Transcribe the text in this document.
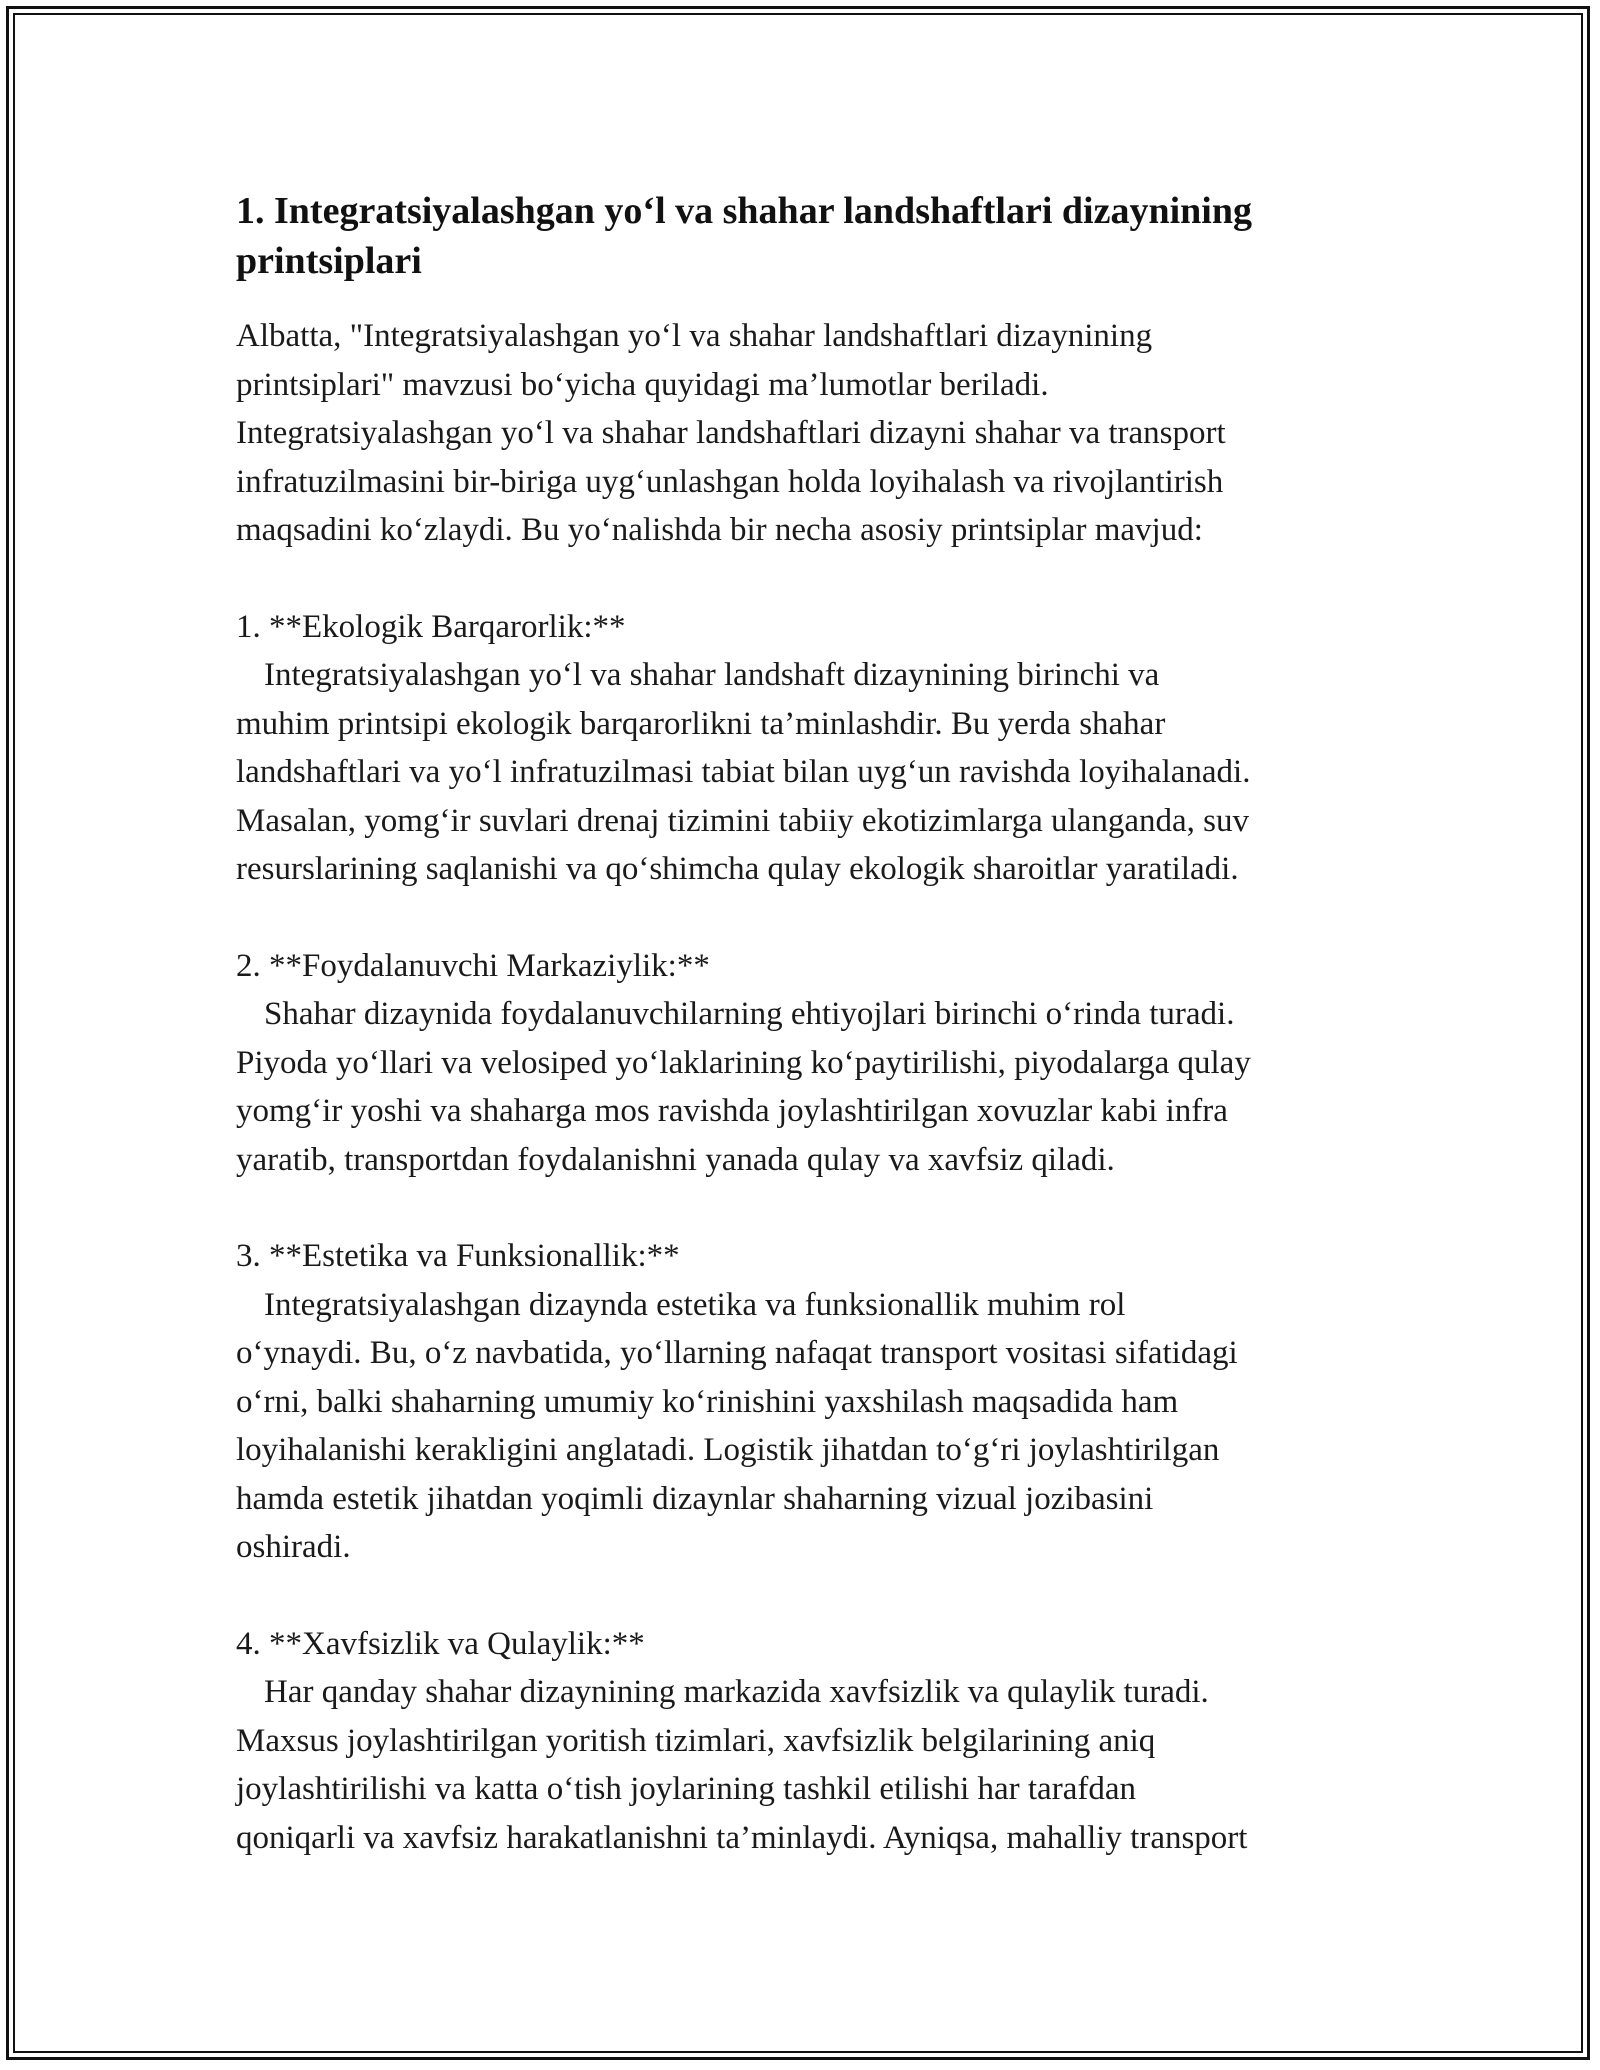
1. Integratsiyalashgan yo‘l va shahar landshaftlari dizaynining
printsiplari

Albatta, "Integratsiyalashgan yo‘l va shahar landshaftlari dizaynining
printsiplari" mavzusi bo‘yicha quyidagi ma’lumotlar beriladi.
Integratsiyalashgan yo‘l va shahar landshaftlari dizayni shahar va transport
infratuzilmasini bir-biriga uyg‘unlashgan holda loyihalash va rivojlantirish
maqsadini ko‘zlaydi. Bu yo‘nalishda bir necha asosiy printsiplar mavjud:

1. **Ekologik Barqarorlik:**

Integratsiyalashgan yo‘l va shahar landshaft dizaynining birinchi va
muhim printsipi ekologik barqarorlikni ta’minlashdir. Bu yerda shahar
landshaftlari va yo‘l infratuzilmasi tabiat bilan uyg‘un ravishda loyihalanadi.
Masalan, yomg‘ir suvlari drenaj tizimini tabiiy ekotizimlarga ulanganda, suv
resurslarining saqlanishi va qo‘shimcha qulay ekologik sharoitlar yaratiladi.

2. **Foydalanuvchi Markaziylik:**

Shahar dizaynida foydalanuvchilarning ehtiyojlari birinchi o‘rinda turadi.
Piyoda yo‘llari va velosiped yo‘laklarining ko‘paytirilishi, piyodalarga qulay
yomg‘ir yoshi va shaharga mos ravishda joylashtirilgan xovuzlar kabi infra
yaratib, transportdan foydalanishni yanada qulay va xavfsiz qiladi.

3. **Estetika va Funksionallik:**

Integratsiyalashgan dizaynda estetika va funksionallik muhim rol
o‘ynaydi. Bu, o‘z navbatida, yo‘llarning nafaqat transport vositasi sifatidagi
o‘rni, balki shaharning umumiy ko‘rinishini yaxshilash maqsadida ham
loyihalanishi kerakligini anglatadi. Logistik jihatdan to‘g‘ri joylashtirilgan
hamda estetik jihatdan yoqimli dizaynlar shaharning vizual jozibasini
oshiradi.

4. **Xavfsizlik va Qulaylik:**

Har qanday shahar dizaynining markazida xavfsizlik va qulaylik turadi.
Maxsus joylashtirilgan yoritish tizimlari, xavfsizlik belgilarining aniq
joylashtirilishi va katta o‘tish joylarining tashkil etilishi har tarafdan
qoniqarli va xavfsiz harakatlanishni ta’minlaydi. Ayniqsa, mahalliy transport
